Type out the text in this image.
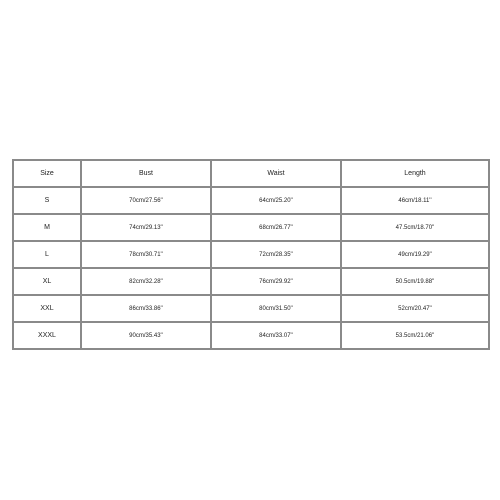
Size	Bust	Waist	Length
S	70cm/27.56''	64cm/25.20''	46cm/18.11''
M	74cm/29.13''	68cm/26.77''	47.5cm/18.70''
L	78cm/30.71''	72cm/28.35''	49cm/19.29''
XL	82cm/32.28''	76cm/29.92''	50.5cm/19.88''
XXL	86cm/33.86''	80cm/31.50''	52cm/20.47''
XXXL	90cm/35.43''	84cm/33.07''	53.5cm/21.06''
